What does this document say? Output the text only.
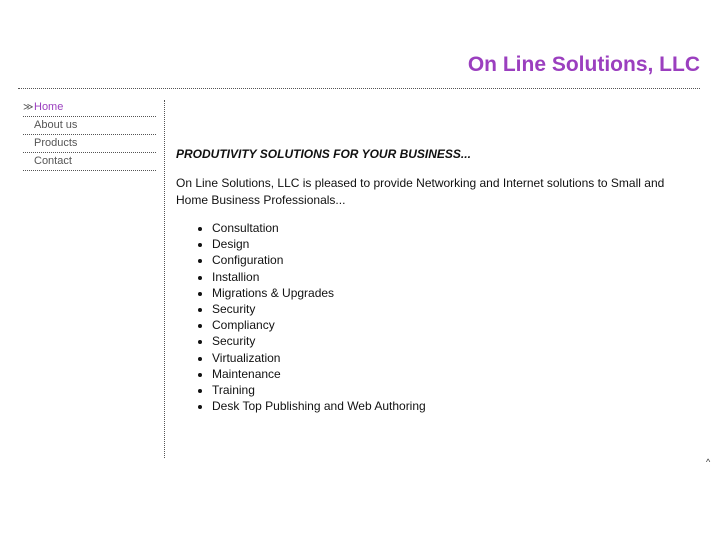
On Line Solutions, LLC
≫ Home
About us
Products
Contact	PRODUTIVITY SOLUTIONS FOR YOUR BUSINESS...

On Line Solutions, LLC is pleased to provide Networking and Internet solutions to Small and Home Business Professionals...

• Consultation
• Design
• Configuration
• Installion
• Migrations & Upgrades
• Security
• Compliancy
• Security
• Virtualization
• Maintenance
• Training
• Desk Top Publishing and Web Authoring
^
